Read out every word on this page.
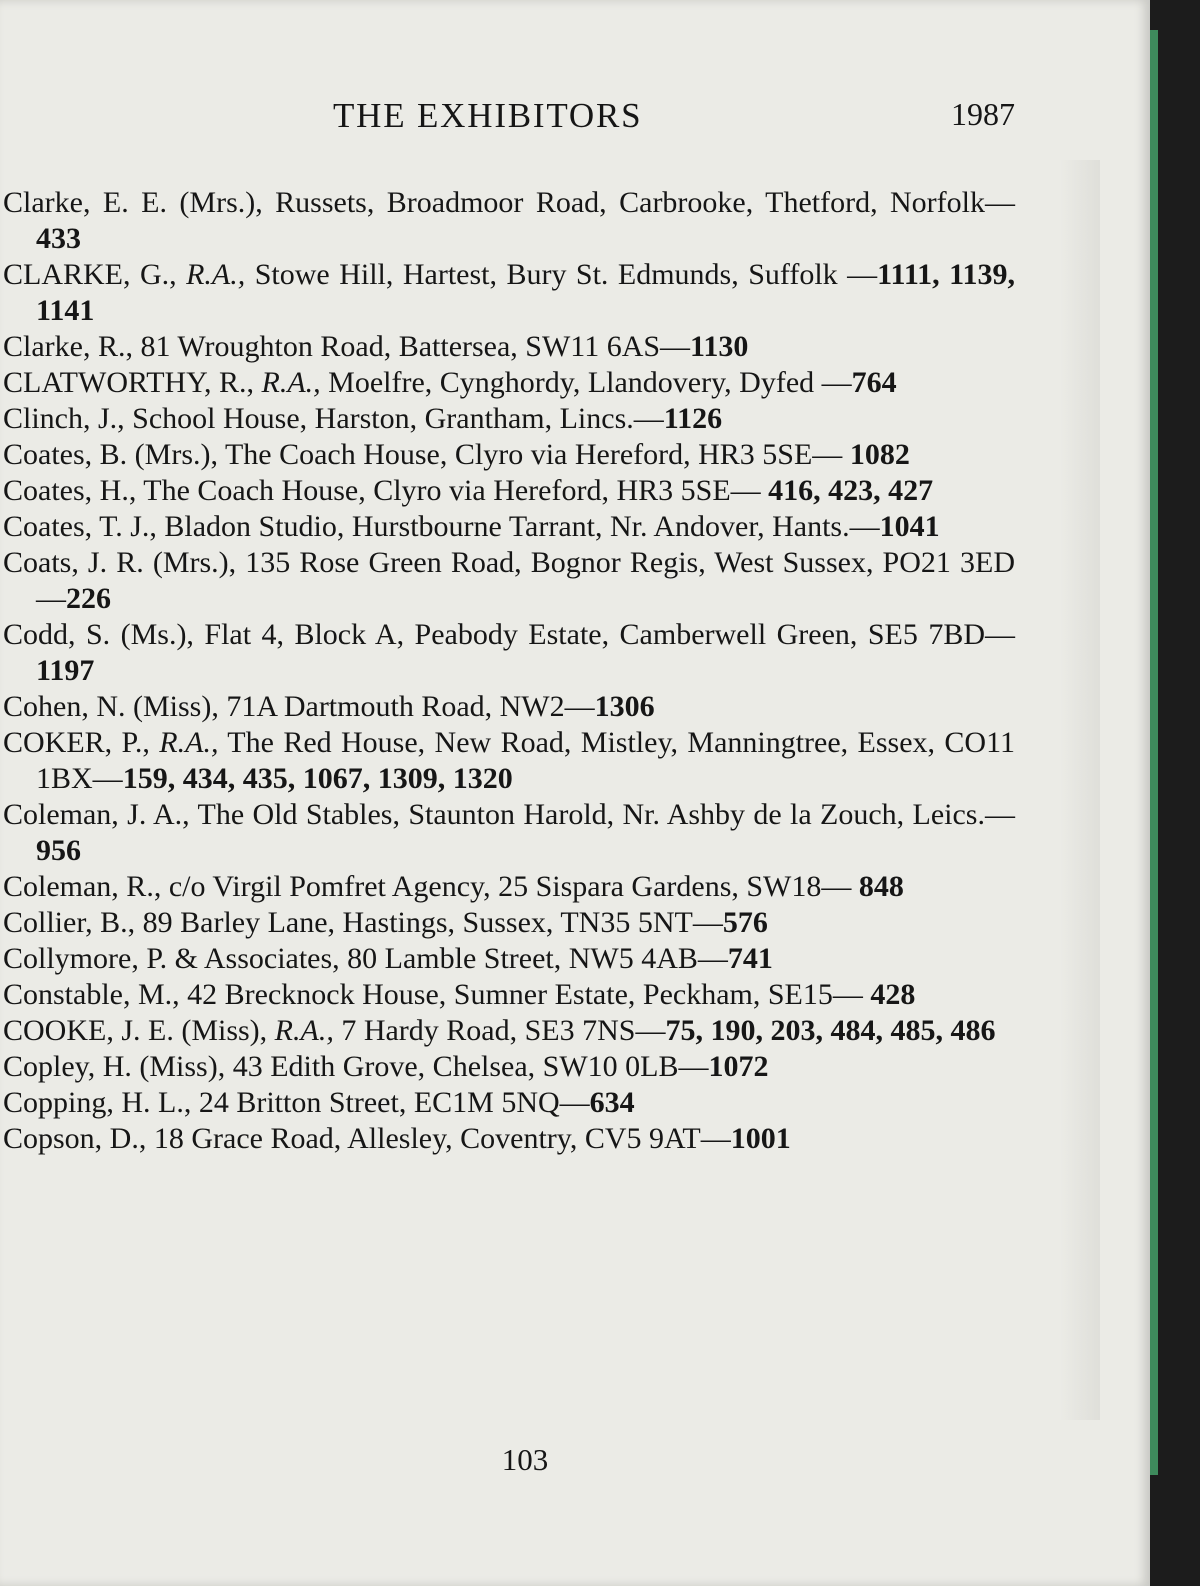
THE EXHIBITORS	1987
Clarke, E. E. (Mrs.), Russets, Broadmoor Road, Carbrooke, Thetford, Norfolk—433
CLARKE, G., R.A., Stowe Hill, Hartest, Bury St. Edmunds, Suffolk —1111, 1139, 1141
Clarke, R., 81 Wroughton Road, Battersea, SW11 6AS—1130
CLATWORTHY, R., R.A., Moelfre, Cynghordy, Llandovery, Dyfed —764
Clinch, J., School House, Harston, Grantham, Lincs.—1126
Coates, B. (Mrs.), The Coach House, Clyro via Hereford, HR3 5SE— 1082
Coates, H., The Coach House, Clyro via Hereford, HR3 5SE— 416, 423, 427
Coates, T. J., Bladon Studio, Hurstbourne Tarrant, Nr. Andover, Hants.—1041
Coats, J. R. (Mrs.), 135 Rose Green Road, Bognor Regis, West Sussex, PO21 3ED—226
Codd, S. (Ms.), Flat 4, Block A, Peabody Estate, Camberwell Green, SE5 7BD—1197
Cohen, N. (Miss), 71A Dartmouth Road, NW2—1306
COKER, P., R.A., The Red House, New Road, Mistley, Manningtree, Essex, CO11 1BX—159, 434, 435, 1067, 1309, 1320
Coleman, J. A., The Old Stables, Staunton Harold, Nr. Ashby de la Zouch, Leics.—956
Coleman, R., c/o Virgil Pomfret Agency, 25 Sispara Gardens, SW18— 848
Collier, B., 89 Barley Lane, Hastings, Sussex, TN35 5NT—576
Collymore, P. & Associates, 80 Lamble Street, NW5 4AB—741
Constable, M., 42 Brecknock House, Sumner Estate, Peckham, SE15— 428
COOKE, J. E. (Miss), R.A., 7 Hardy Road, SE3 7NS—75, 190, 203, 484, 485, 486
Copley, H. (Miss), 43 Edith Grove, Chelsea, SW10 0LB—1072
Copping, H. L., 24 Britton Street, EC1M 5NQ—634
Copson, D., 18 Grace Road, Allesley, Coventry, CV5 9AT—1001
103
